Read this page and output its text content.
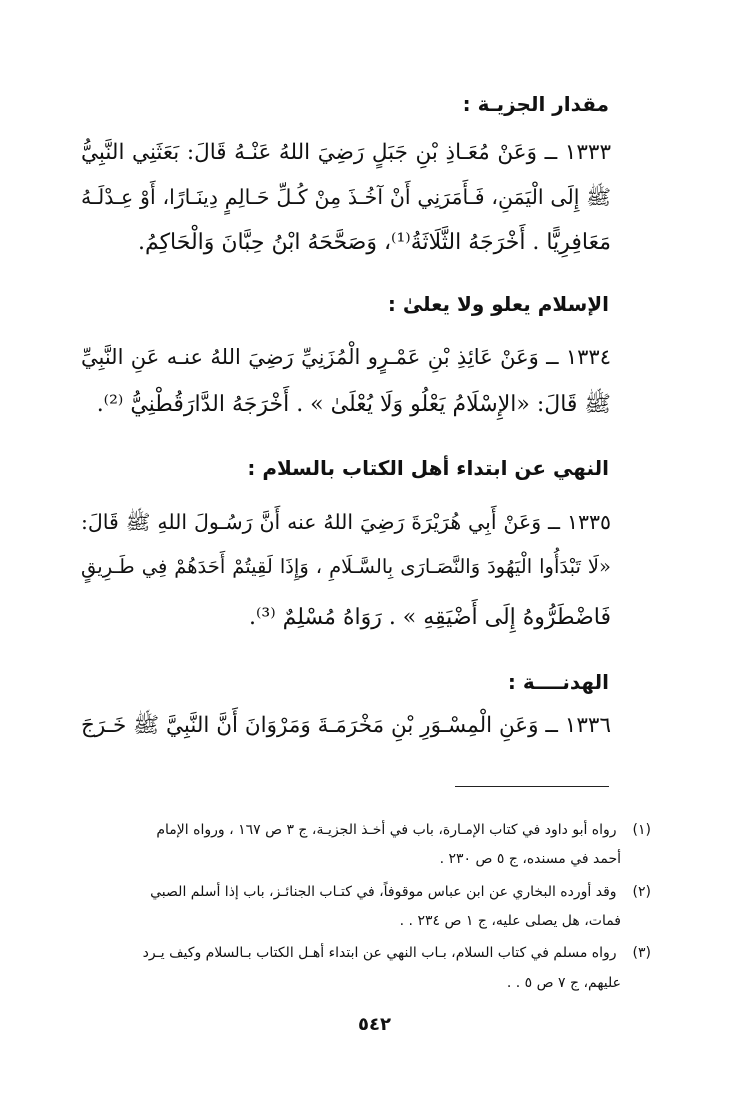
مقدار الجزيـة :
١٣٣٣ ــ وَعَنْ مُعَـاذِ بْنِ جَبَلٍ رَضِيَ اللهُ عَنْـهُ قَالَ: بَعَثَنِي النَّبِيُّ
ﷺ إِلَى الْيَمَنِ، فَـأَمَرَنِي أَنْ آخُـذَ مِنْ كُـلِّ حَـالِمٍ دِينَـارًا، أَوْ عِـدْلَـهُ
مَعَافِرِيًّا . أَخْرَجَهُ الثَّلَاثَةُ⁽¹⁾، وَصَحَّحَهُ ابْنُ حِبَّانَ وَالْحَاكِمُ.
الإسلام يعلو ولا يعلىٰ :
١٣٣٤ ــ وَعَنْ عَائِذِ بْنِ عَمْـرٍو الْمُزَنِيِّ رَضِيَ اللهُ عنـه عَنِ النَّبِيِّ
ﷺ قَالَ: «الإِسْلَامُ يَعْلُو وَلَا يُعْلَىٰ » . أَخْرَجَهُ الدَّارَقُطْنِيُّ ⁽²⁾.
النهي عن ابتداء أهل الكتاب بالسلام :
١٣٣٥ ــ وَعَنْ أَبِي هُرَيْرَةَ رَضِيَ اللهُ عنه أَنَّ رَسُـولَ اللهِ ﷺ قَالَ:
«لَا تَبْدَأُوا الْيَهُودَ وَالنَّصَـارَى بِالسَّـلَامِ ، وَإِذَا لَقِيتُمْ أَحَدَهُمْ فِي طَـرِيقٍ
فَاضْطَرُّوهُ إِلَى أَضْيَقِهِ » . رَوَاهُ مُسْلِمٌ ⁽³⁾.
الهدنــــة :
١٣٣٦ ــ وَعَنِ الْمِسْـوَرِ بْنِ مَخْرَمَـةَ وَمَرْوَانَ أَنَّ النَّبِيَّ ﷺ خَـرَجَ
(١) رواه أبو داود في كتاب الإمـارة، باب في أخـذ الجزيـة، ج ٣ ص ١٦٧ ، ورواه الإمام
أحمد في مسنده، ج ٥ ص ٢٣٠ .
(٢) وقد أورده البخاري عن ابن عباس موقوفاً، في كتـاب الجنائـز، باب إذا أسلم الصبي
فمات، هل يصلى عليه، ج ١ ص ٢٣٤ . .
(٣) رواه مسلم في كتاب السلام، بـاب النهي عن ابتداء أهـل الكتاب بـالسلام وكيف يـرد
عليهم، ج ٧ ص ٥ . .
٥٤٢
